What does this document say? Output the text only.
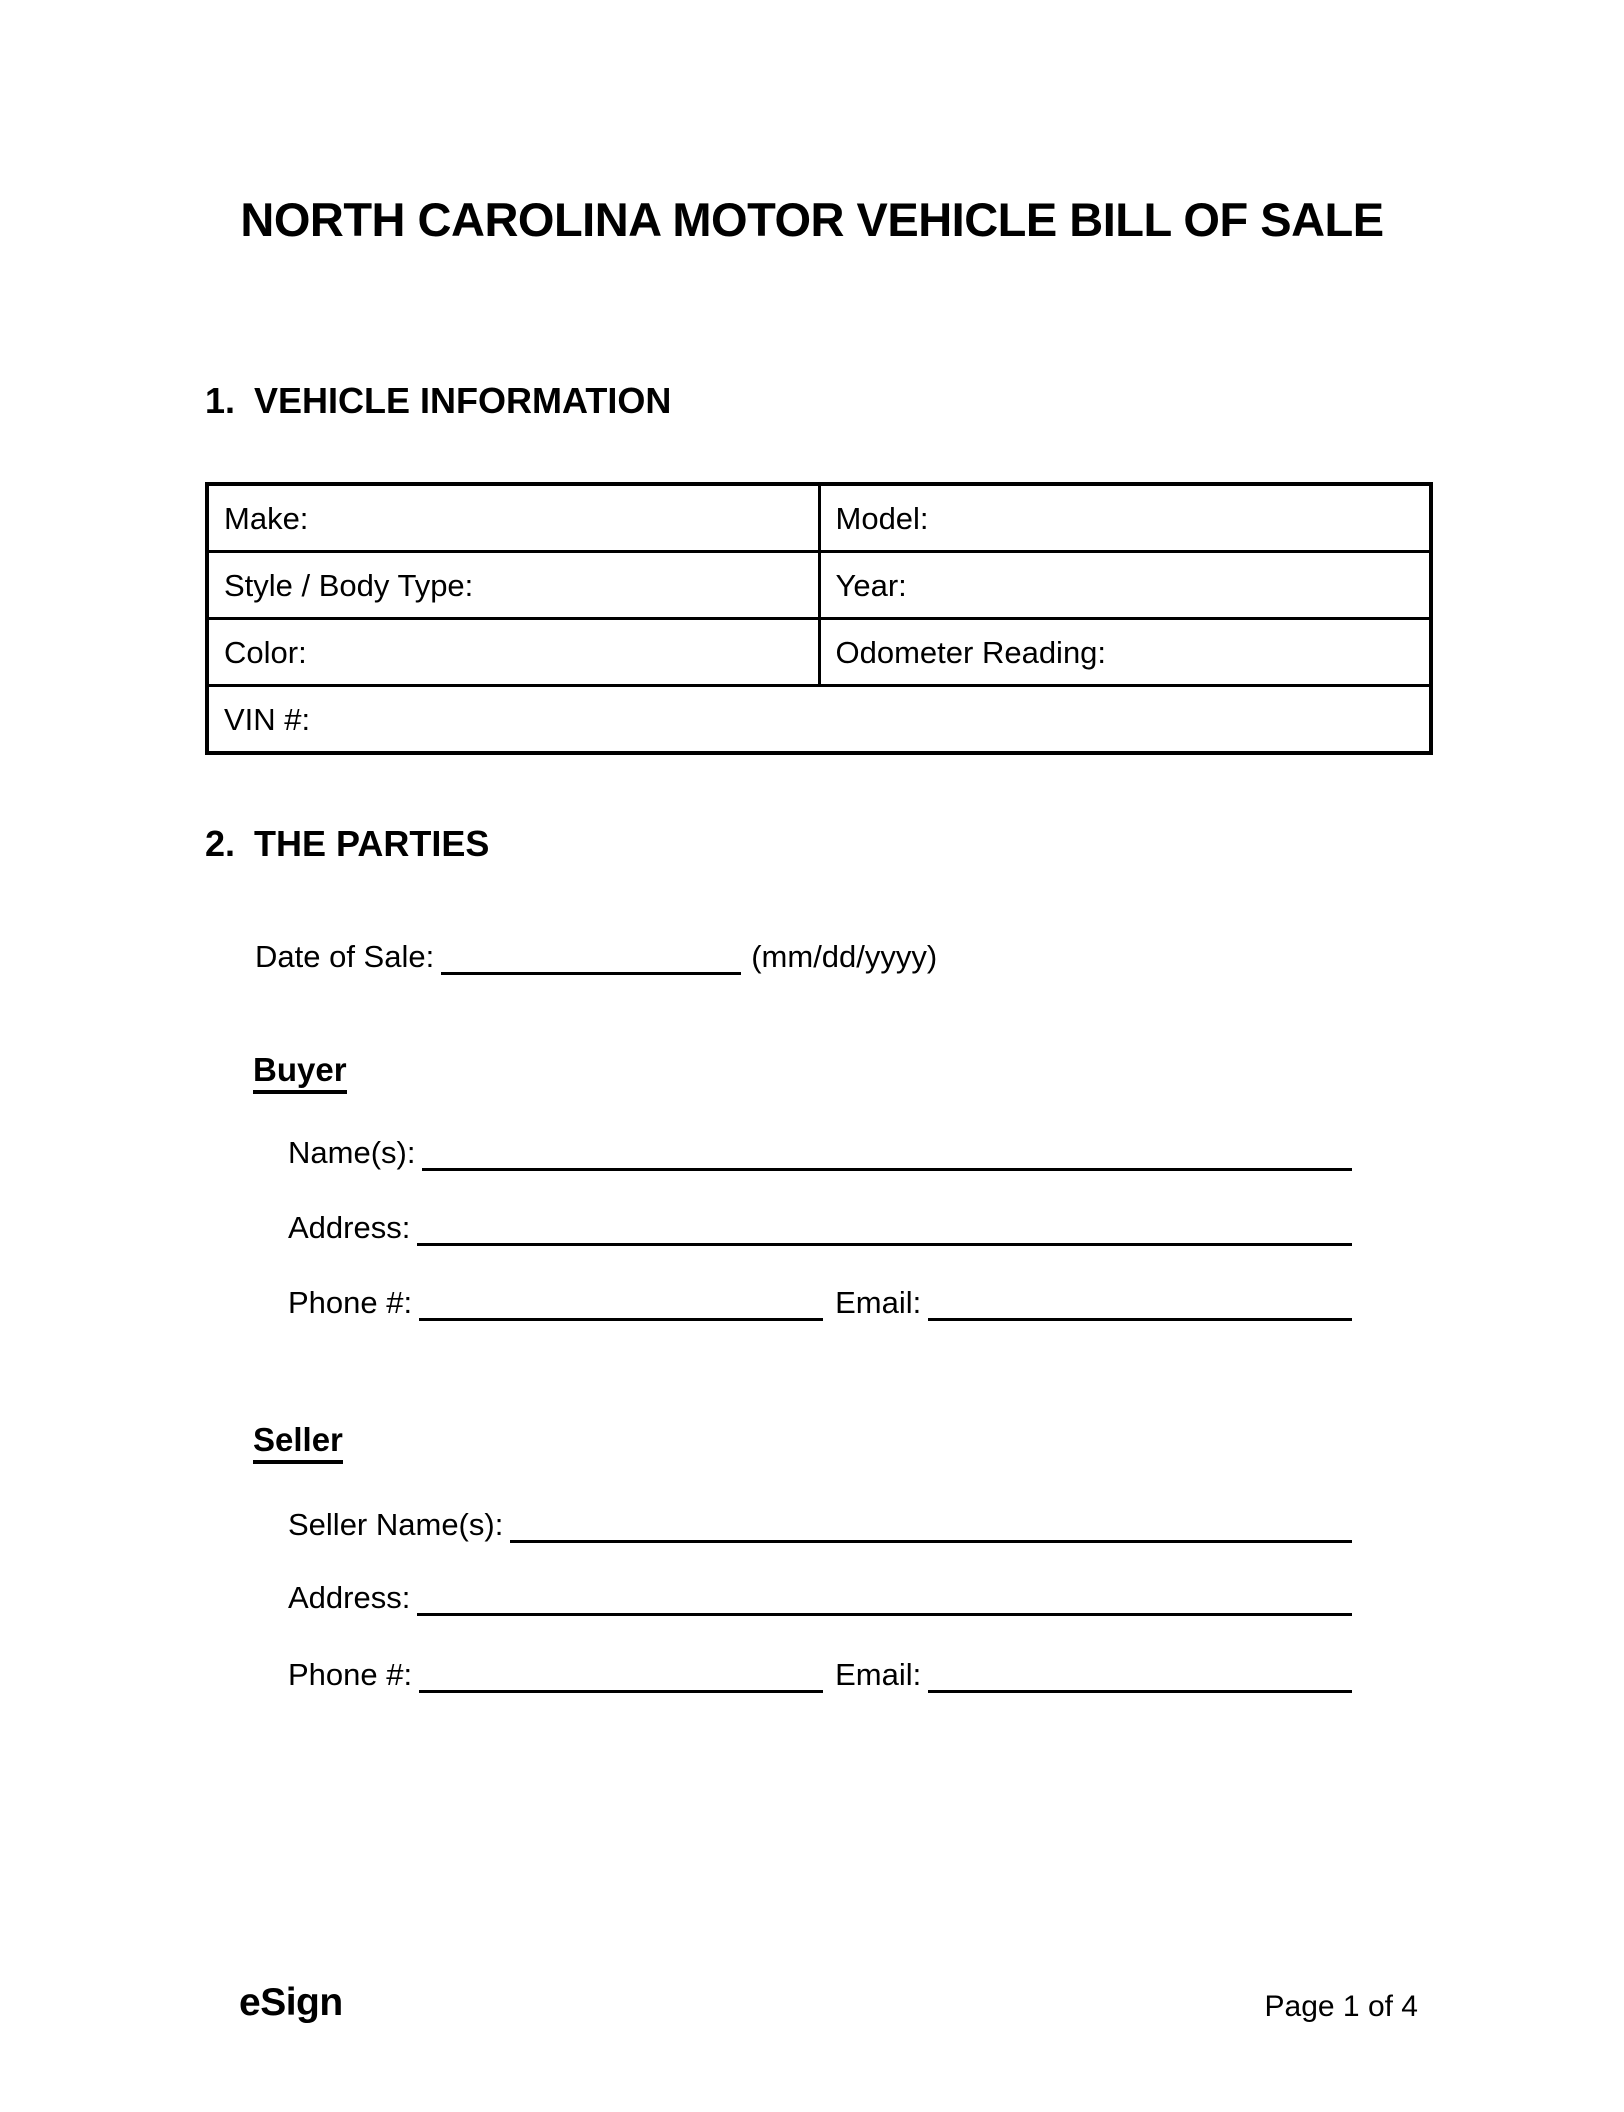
NORTH CAROLINA MOTOR VEHICLE BILL OF SALE
1. VEHICLE INFORMATION
Make:	Model:
Style / Body Type:	Year:
Color:	Odometer Reading:
VIN #:	
2. THE PARTIES
Date of Sale:	(mm/dd/yyyy)
Buyer
Name(s):
Address:
Phone #:	Email:
Seller
Seller Name(s):
Address:
Phone #:	Email:
eSign	Page 1 of 4
